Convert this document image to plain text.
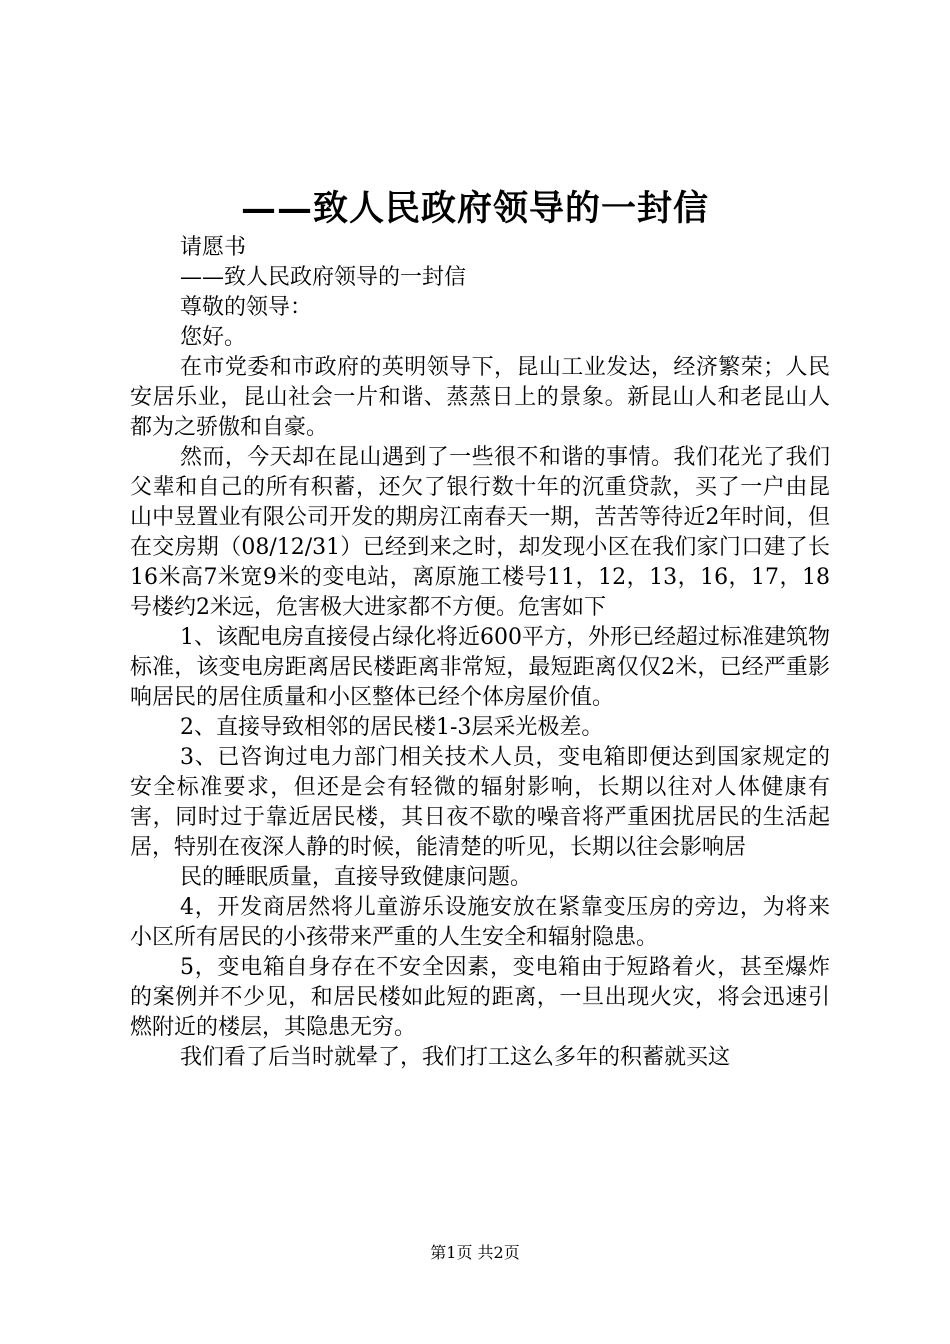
——致人民政府领导的一封信

请愿书

——致人民政府领导的一封信

尊敬的领导：

您好。

在市党委和市政府的英明领导下，昆山工业发达，经济繁荣；人民安居乐业，昆山社会一片和谐、蒸蒸日上的景象。新昆山人和老昆山人都为之骄傲和自豪。

然而，今天却在昆山遇到了一些很不和谐的事情。我们花光了我们父辈和自己的所有积蓄，还欠了银行数十年的沉重贷款，买了一户由昆山中昱置业有限公司开发的期房江南春天一期，苦苦等待近2年时间，但在交房期（08/12/31）已经到来之时，却发现小区在我们家门口建了长16米高7米宽9米的变电站，离原施工楼号11，12，13，16，17，18号楼约2米远，危害极大进家都不方便。危害如下

1、该配电房直接侵占绿化将近600平方，外形已经超过标准建筑物标准，该变电房距离居民楼距离非常短，最短距离仅仅2米，已经严重影响居民的居住质量和小区整体已经个体房屋价值。

2、直接导致相邻的居民楼1-3层采光极差。

3、已咨询过电力部门相关技术人员，变电箱即便达到国家规定的安全标准要求，但还是会有轻微的辐射影响，长期以往对人体健康有害，同时过于靠近居民楼，其日夜不歇的噪音将严重困扰居民的生活起居，特别在夜深人静的时候，能清楚的听见，长期以往会影响居

民的睡眠质量，直接导致健康问题。

4，开发商居然将儿童游乐设施安放在紧靠变压房的旁边，为将来小区所有居民的小孩带来严重的人生安全和辐射隐患。

5，变电箱自身存在不安全因素，变电箱由于短路着火，甚至爆炸的案例并不少见，和居民楼如此短的距离，一旦出现火灾，将会迅速引燃附近的楼层，其隐患无穷。

我们看了后当时就晕了，我们打工这么多年的积蓄就买这

第1页 共2页
